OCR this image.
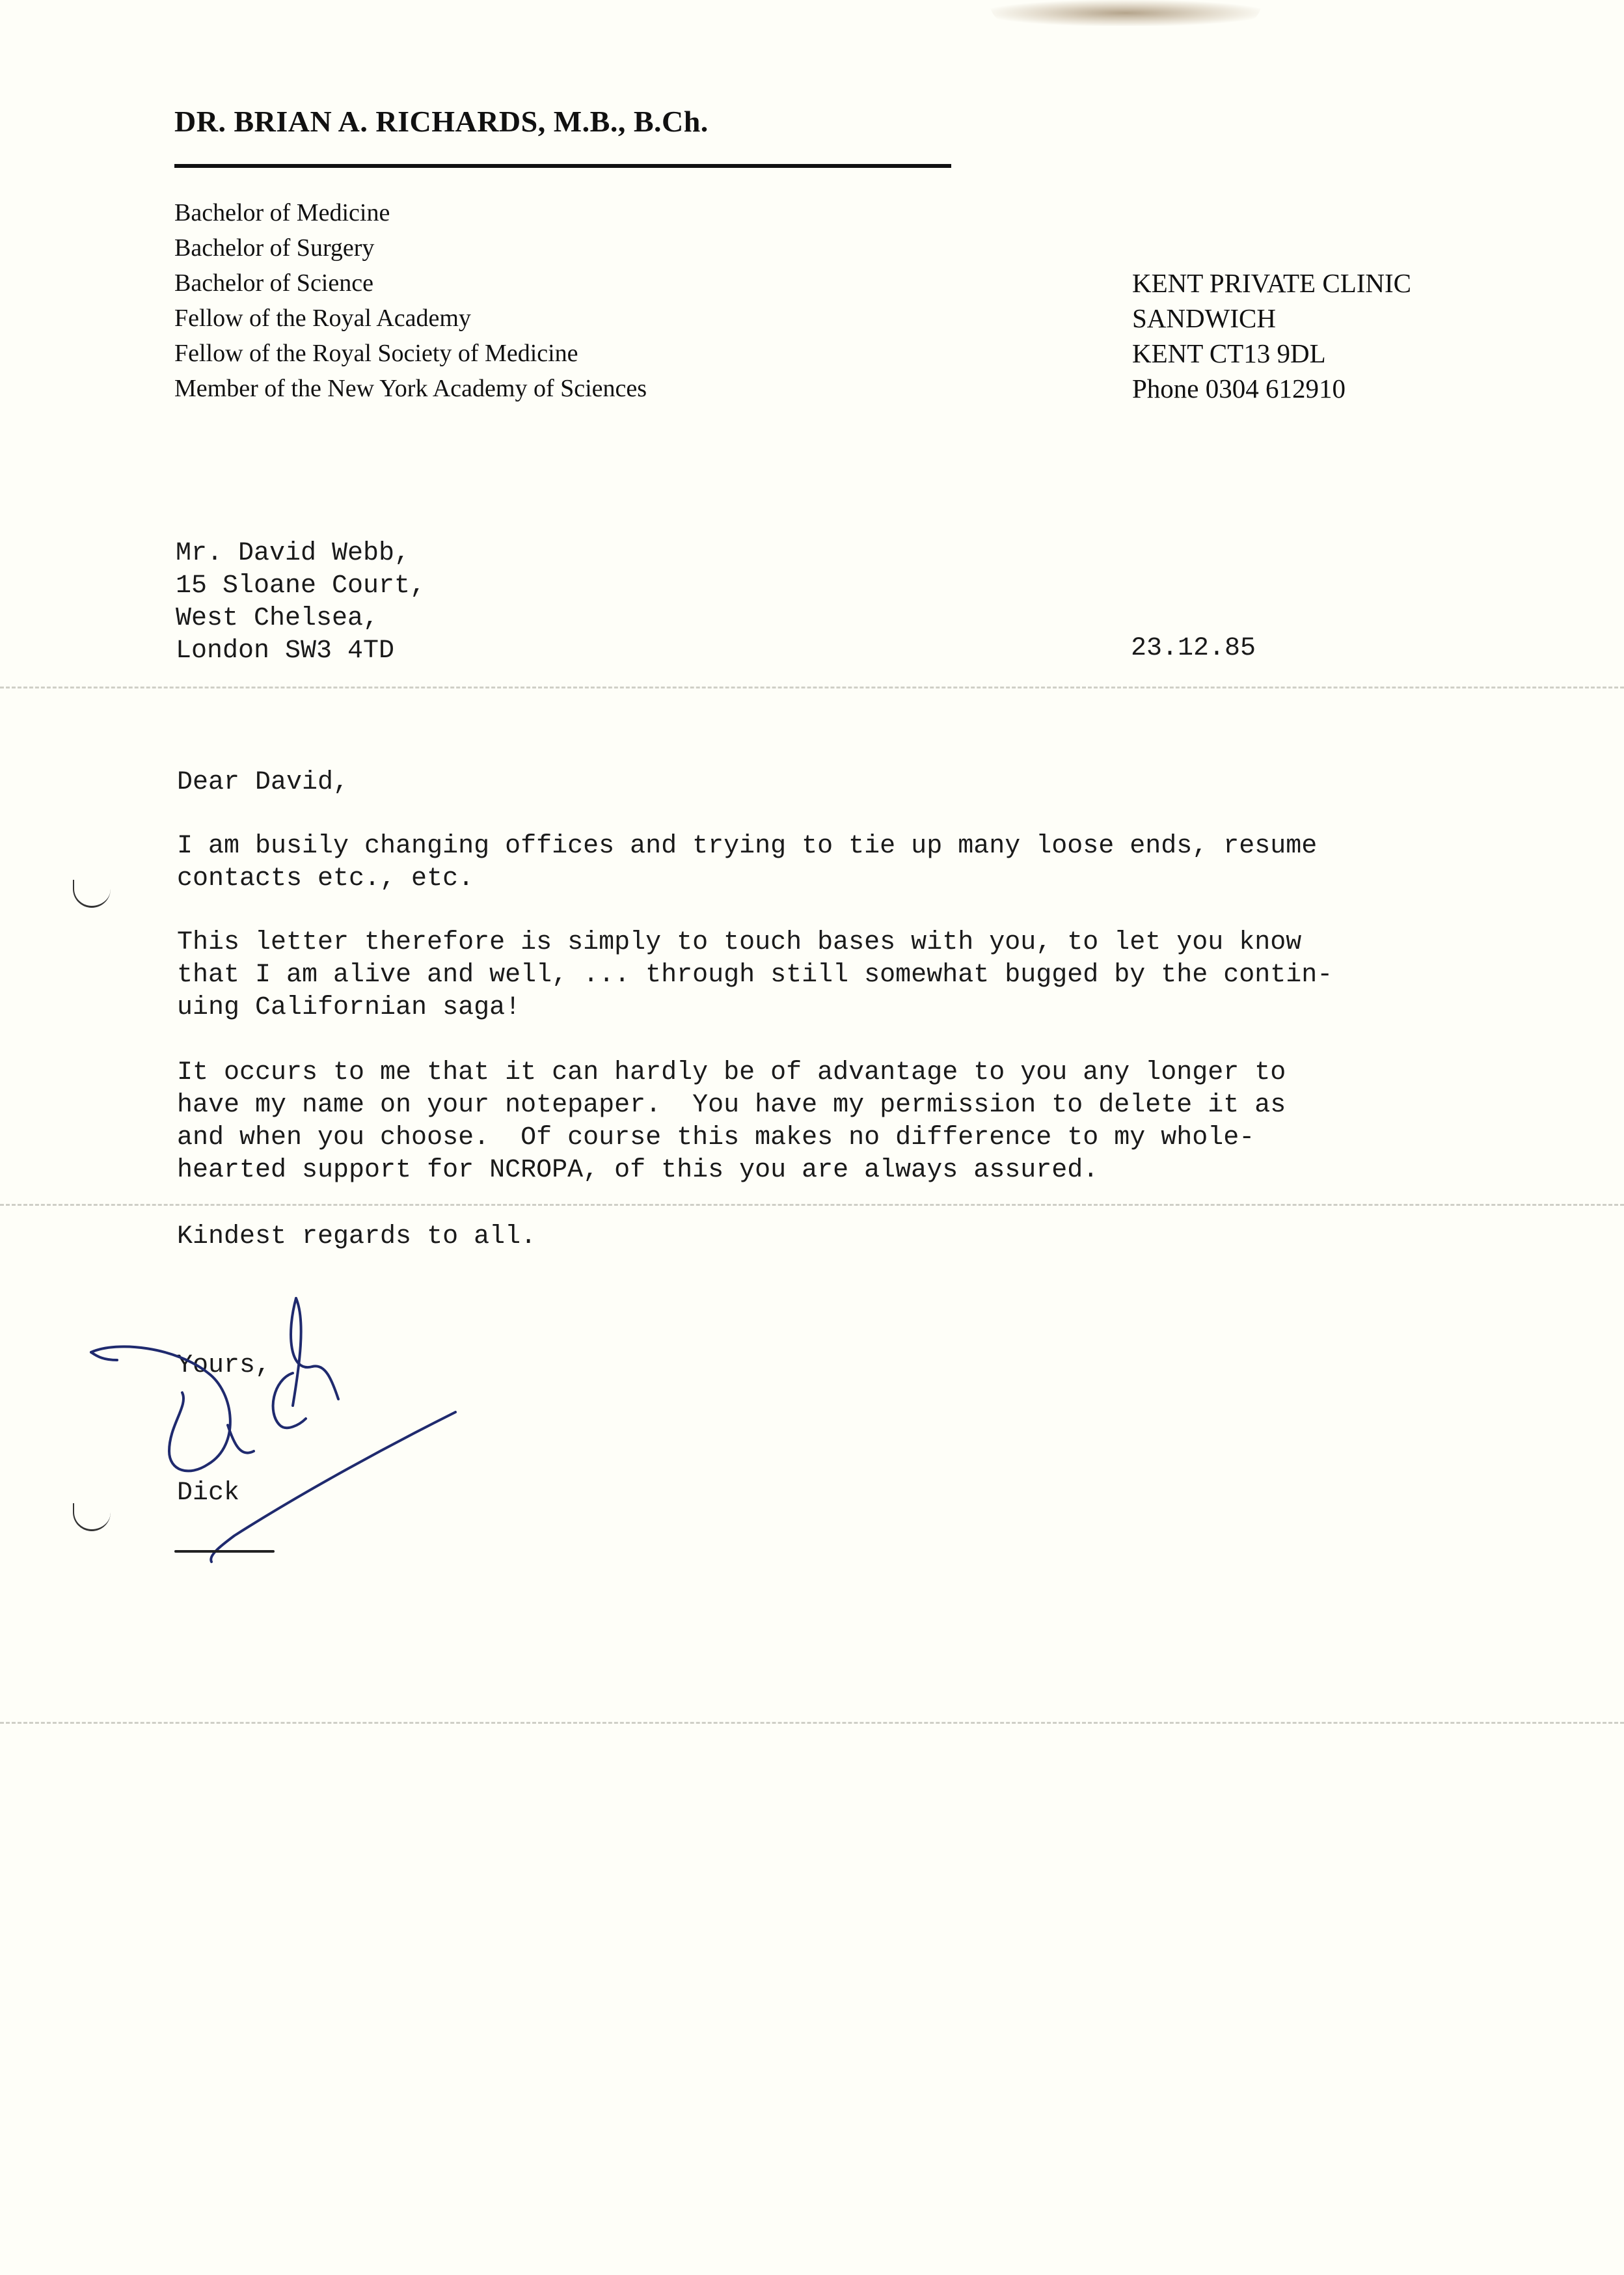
DR. BRIAN A. RICHARDS, M.B., B.Ch.
Bachelor of Medicine
Bachelor of Surgery
Bachelor of Science
Fellow of the Royal Academy
Fellow of the Royal Society of Medicine
Member of the New York Academy of Sciences
KENT PRIVATE CLINIC
SANDWICH
KENT CT13 9DL
Phone 0304 612910
Mr. David Webb,
15 Sloane Court,
West Chelsea,
London SW3 4TD	23.12.85
Dear David,

I am busily changing offices and trying to tie up many loose ends, resume
contacts etc., etc.

This letter therefore is simply to touch bases with you, to let you know
that I am alive and well, ... through still somewhat bugged by the contin-
uing Californian saga!

It occurs to me that it can hardly be of advantage to you any longer to
have my name on your notepaper.  You have my permission to delete it as
and when you choose.  Of course this makes no difference to my whole-
hearted support for NCROPA, of this you are always assured.

Kindest regards to all.
Yours,
Dick
